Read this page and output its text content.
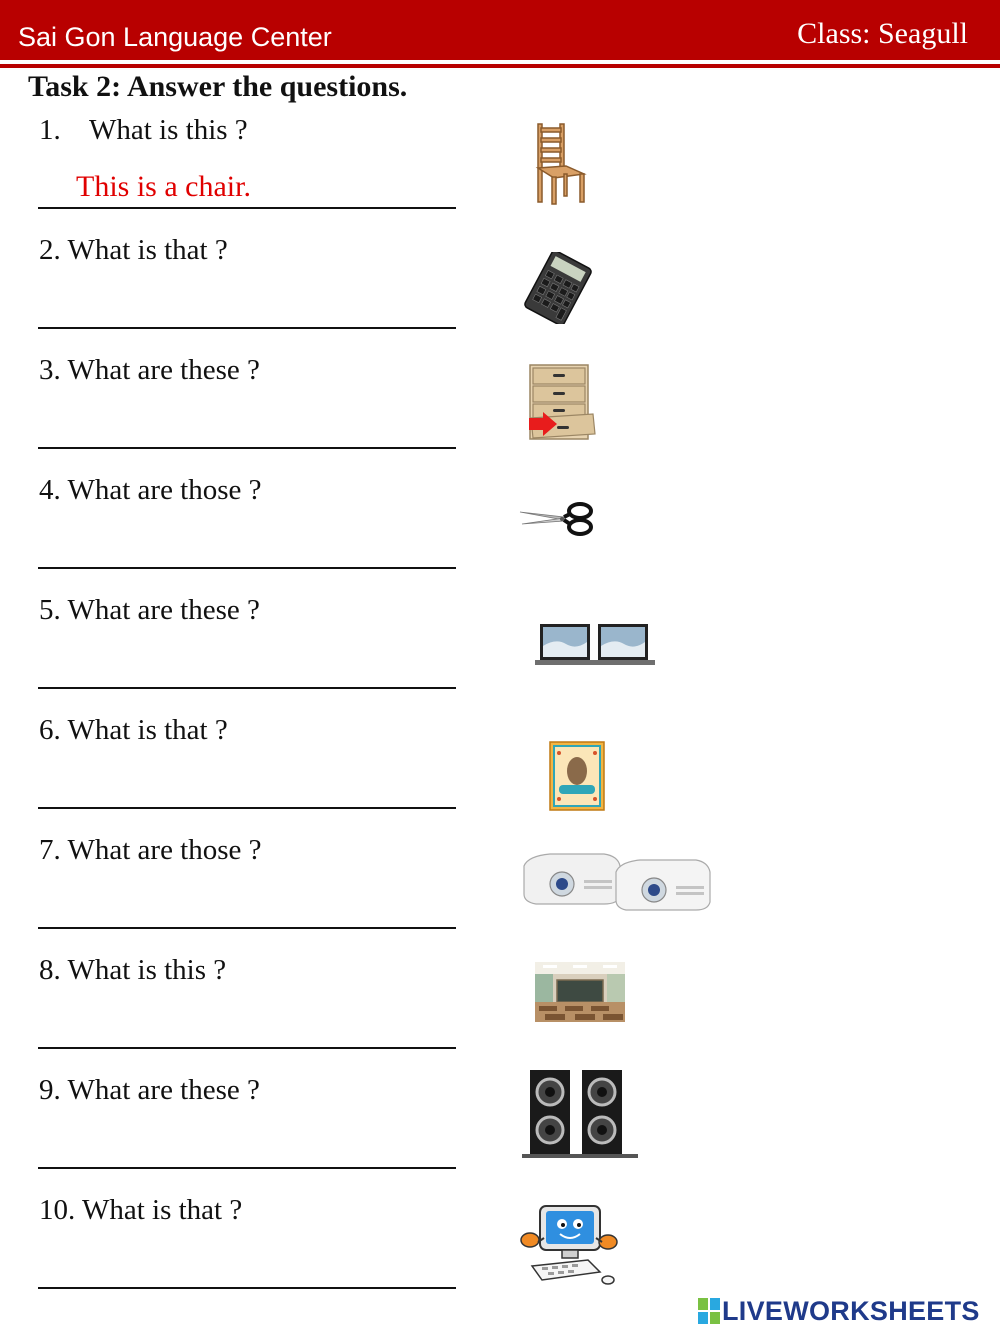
Sai Gon Language Center	Class: Seagull
Task 2: Answer the questions.
1. What is this ?
This is a chair.
2. What is that ?
3. What are these ?
4. What are those ?
5. What are these ?
6. What is that ?
7. What are those ?
8. What is this ?
9. What are these ?
10. What is that ?
LIVEWORKSHEETS
